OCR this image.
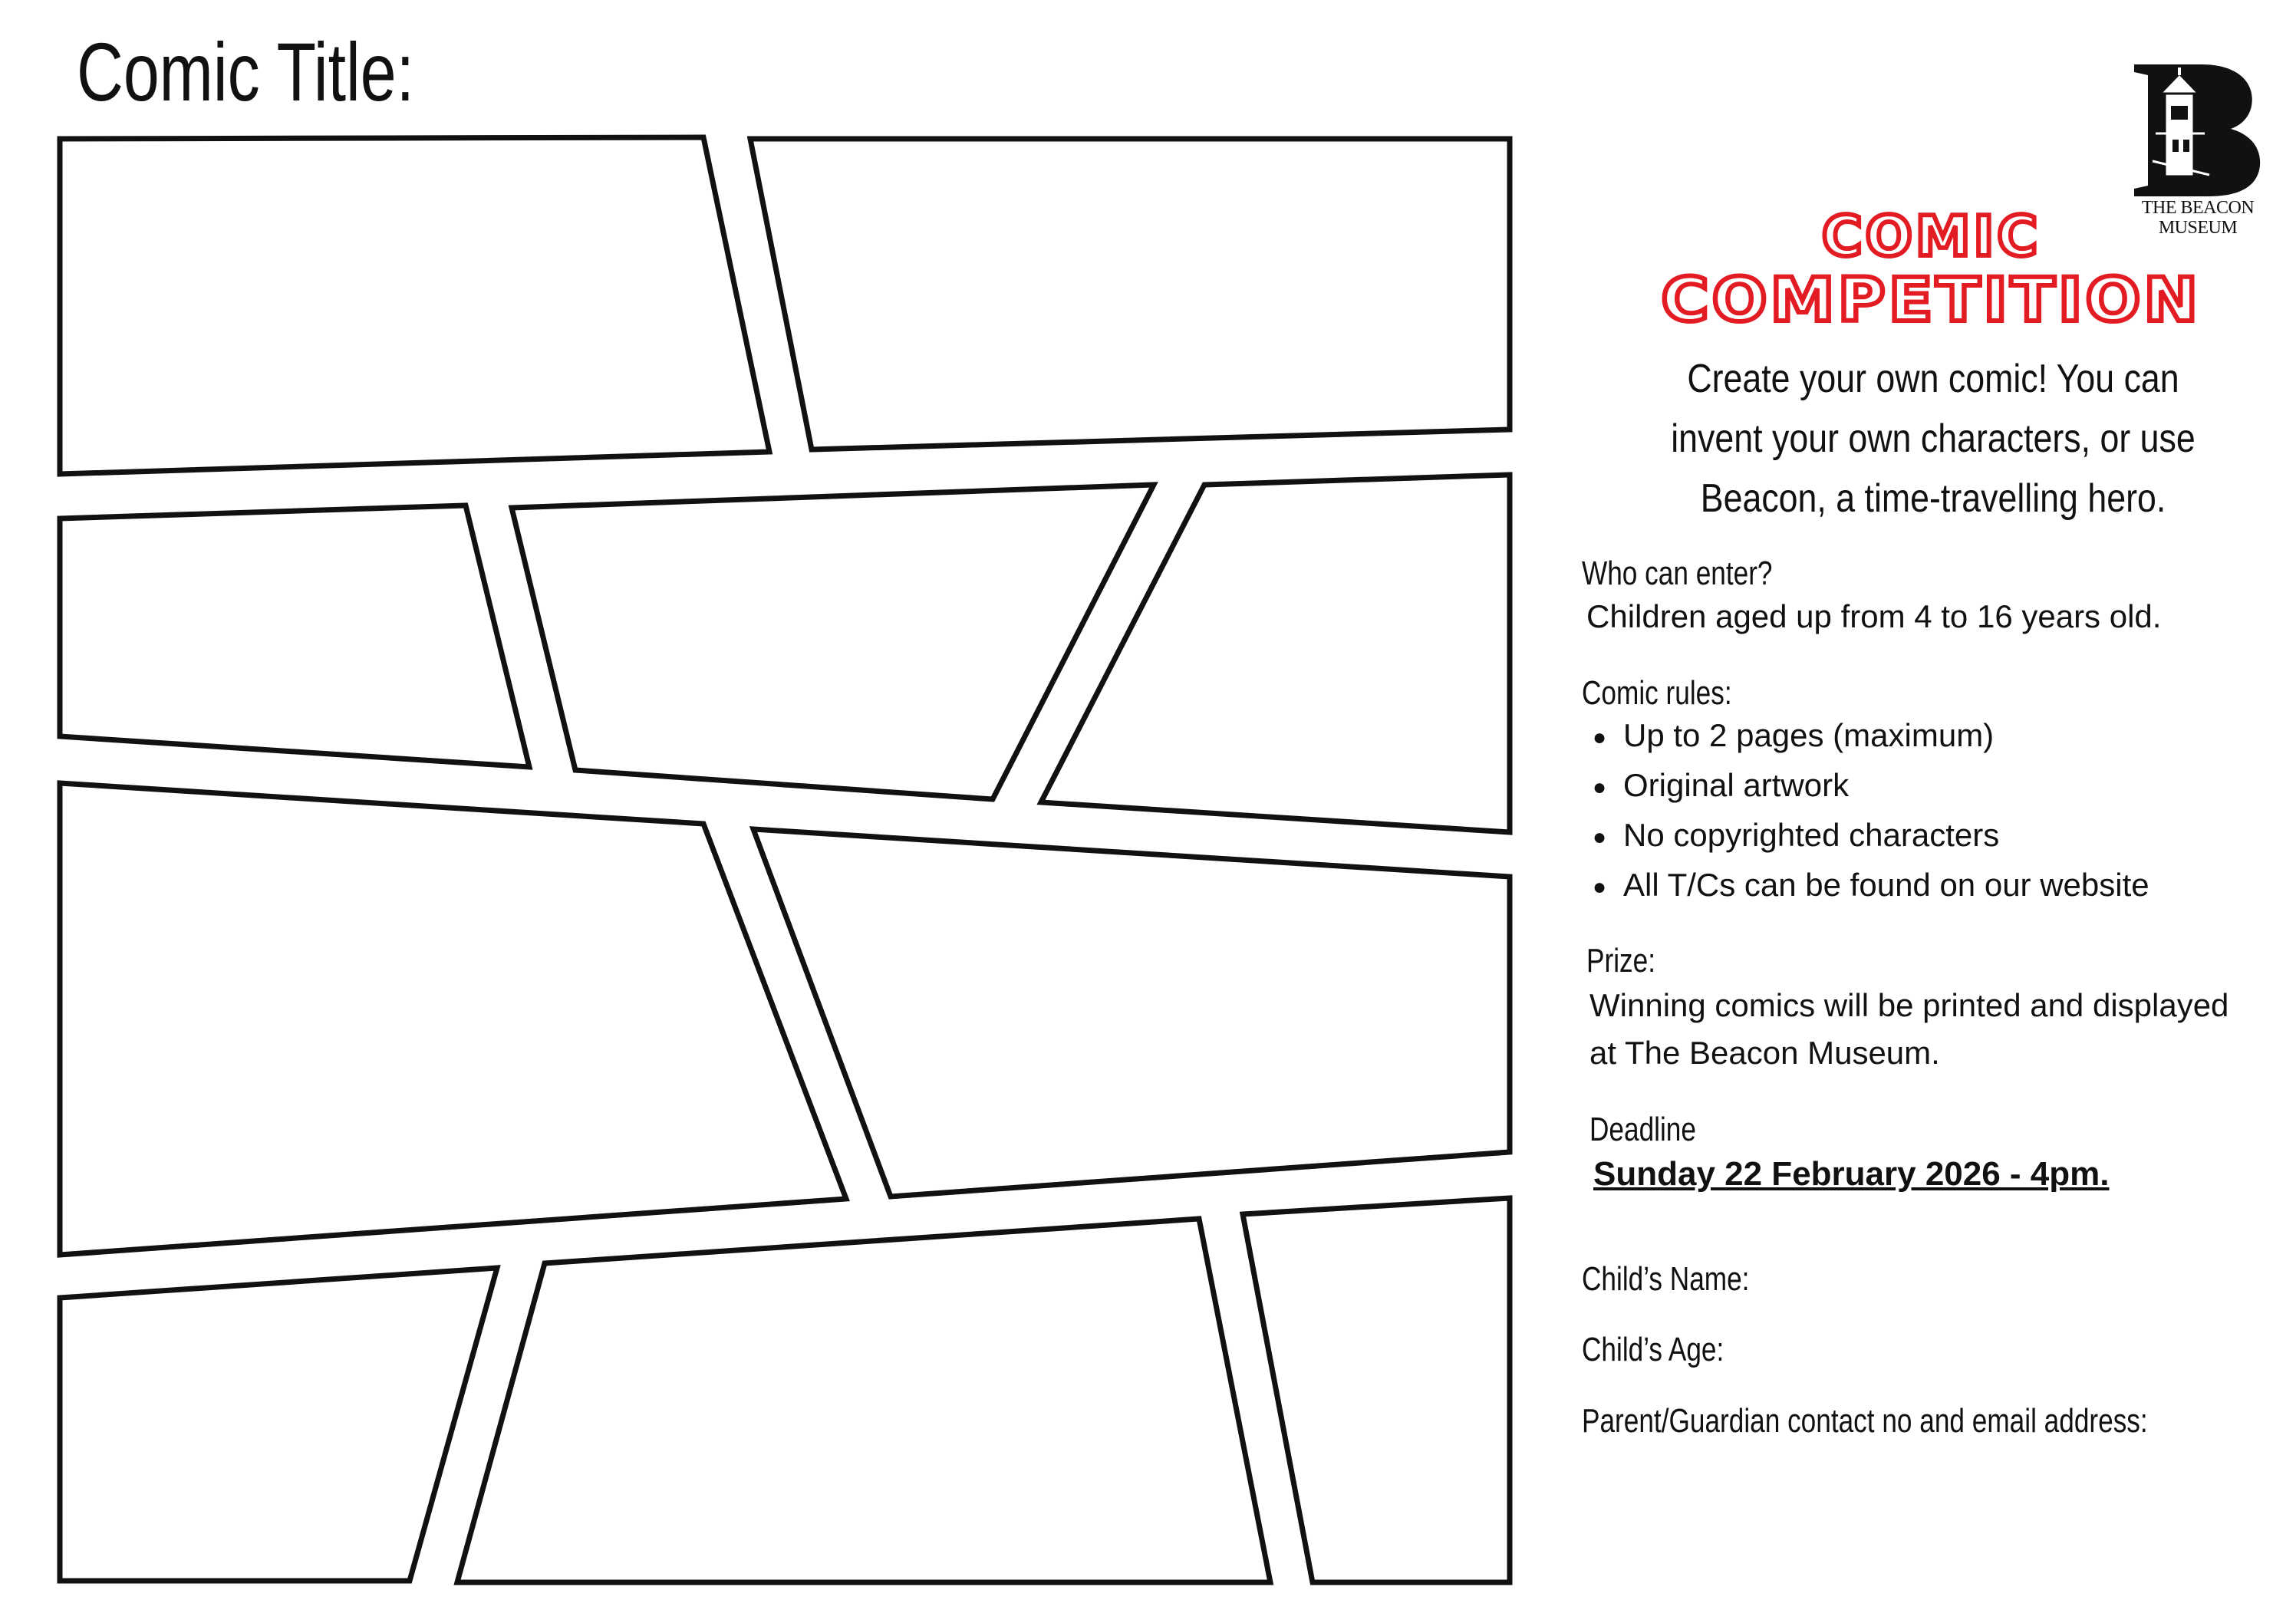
Comic Title:
THE BEACON
MUSEUM
COMIC
COMPETITION
Create your own comic! You can invent your own characters, or use Beacon, a time-travelling hero.
Who can enter?
Children aged up from 4 to 16 years old.
Comic rules:
● Up to 2 pages (maximum)
● Original artwork
● No copyrighted characters
● All T/Cs can be found on our website
Prize:
Winning comics will be printed and displayed at The Beacon Museum.
Deadline
Sunday 22 February 2026 - 4pm.
Child’s Name:
Child’s Age:
Parent/Guardian contact no and email address:
